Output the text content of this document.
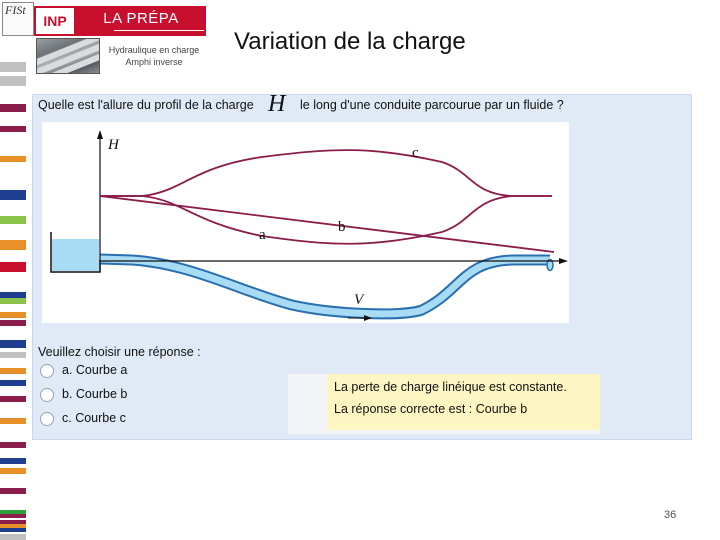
FISt
INP	LA PRÉPA
Hydraulique en charge
Amphi inverse
Variation de la charge
Quelle est l'allure du profil de la charge H le long d'une conduite parcourue par un fluide ?
H	c
b
a
V
Veuillez choisir une réponse :
a. Courbe a
b. Courbe b
c. Courbe c
La perte de charge linéique est constante.
La réponse correcte est : Courbe b
36
